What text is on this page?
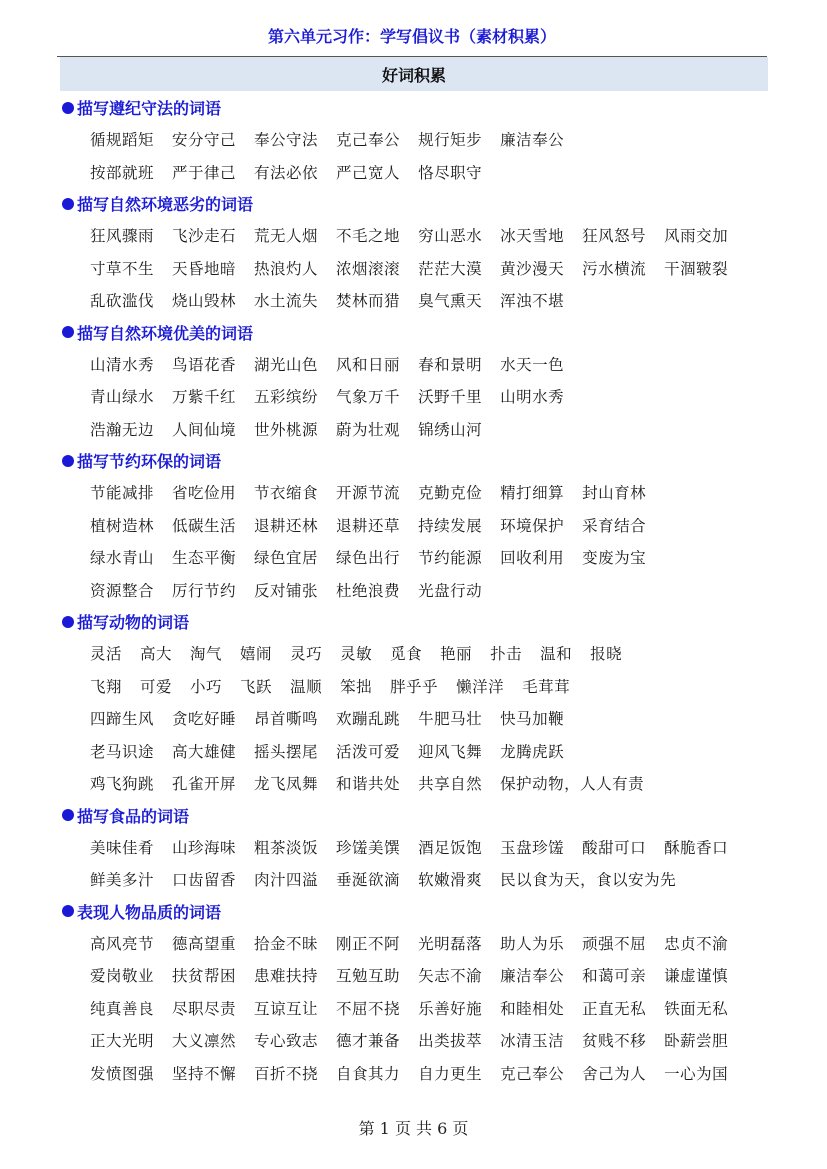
第六单元习作：学写倡议书（素材积累）
好词积累
描写遵纪守法的词语
循规蹈矩 安分守己 奉公守法 克己奉公 规行矩步 廉洁奉公
按部就班 严于律己 有法必依 严己宽人 恪尽职守
描写自然环境恶劣的词语
狂风骤雨 飞沙走石 荒无人烟 不毛之地 穷山恶水 冰天雪地 狂风怒号 风雨交加
寸草不生 天昏地暗 热浪灼人 浓烟滚滚 茫茫大漠 黄沙漫天 污水横流 干涸皲裂
乱砍滥伐 烧山毁林 水土流失 焚林而猎 臭气熏天 浑浊不堪
描写自然环境优美的词语
山清水秀 鸟语花香 湖光山色 风和日丽 春和景明 水天一色
青山绿水 万紫千红 五彩缤纷 气象万千 沃野千里 山明水秀
浩瀚无边 人间仙境 世外桃源 蔚为壮观 锦绣山河
描写节约环保的词语
节能减排 省吃俭用 节衣缩食 开源节流 克勤克俭 精打细算 封山育林
植树造林 低碳生活 退耕还林 退耕还草 持续发展 环境保护 采育结合
绿水青山 生态平衡 绿色宜居 绿色出行 节约能源 回收利用 变废为宝
资源整合 厉行节约 反对铺张 杜绝浪费 光盘行动
描写动物的词语
灵活 高大 淘气 嬉闹 灵巧 灵敏 觅食 艳丽 扑击 温和 报晓
飞翔 可爱 小巧 飞跃 温顺 笨拙 胖乎乎 懒洋洋 毛茸茸
四蹄生风 贪吃好睡 昂首嘶鸣 欢蹦乱跳 牛肥马壮 快马加鞭
老马识途 高大雄健 摇头摆尾 活泼可爱 迎风飞舞 龙腾虎跃
鸡飞狗跳 孔雀开屏 龙飞凤舞 和谐共处 共享自然 保护动物，人人有责
描写食品的词语
美味佳肴 山珍海味 粗茶淡饭 珍馐美馔 酒足饭饱 玉盘珍馐 酸甜可口 酥脆香口
鲜美多汁 口齿留香 肉汁四溢 垂涎欲滴 软嫩滑爽 民以食为天，食以安为先
表现人物品质的词语
高风亮节 德高望重 拾金不昧 刚正不阿 光明磊落 助人为乐 顽强不屈 忠贞不渝
爱岗敬业 扶贫帮困 患难扶持 互勉互助 矢志不渝 廉洁奉公 和蔼可亲 谦虚谨慎
纯真善良 尽职尽责 互谅互让 不屈不挠 乐善好施 和睦相处 正直无私 铁面无私
正大光明 大义凛然 专心致志 德才兼备 出类拔萃 冰清玉洁 贫贱不移 卧薪尝胆
发愤图强 坚持不懈 百折不挠 自食其力 自力更生 克己奉公 舍己为人 一心为国
第 1 页 共 6 页
